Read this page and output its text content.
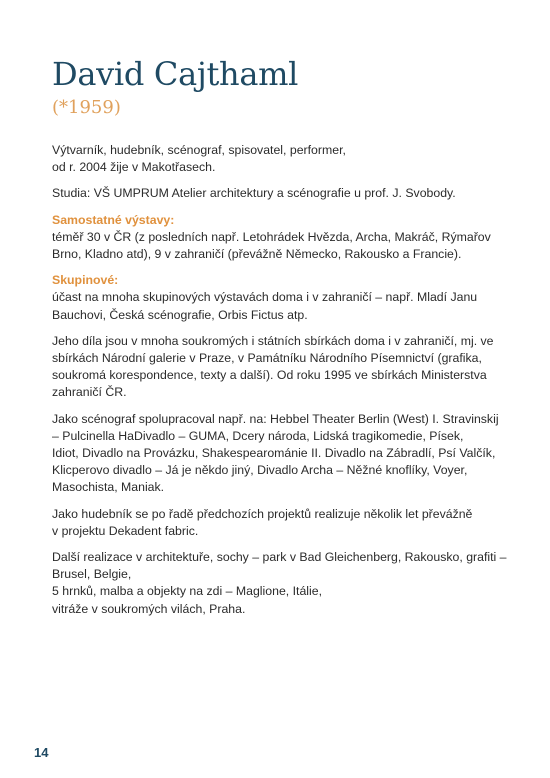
David Cajthaml
(*1959)

Výtvarník, hudebník, scénograf, spisovatel, performer,
od r. 2004 žije v Makotřasech.

Studia: VŠ UMPRUM Atelier architektury a scénografie u prof. J. Svobody.

Samostatné výstavy:
téměř 30 v ČR (z posledních např. Letohrádek Hvězda, Archa, Makráč, Rýmařov
Brno, Kladno atd), 9 v zahraničí (převážně Německo, Rakousko a Francie).

Skupinové:
účast na mnoha skupinových výstavách doma i v zahraničí – např. Mladí Janu
Bauchovi, Česká scénografie, Orbis Fictus atp.

Jeho díla jsou v mnoha soukromých i státních sbírkách doma i v zahraničí, mj. ve
sbírkách Národní galerie v Praze, v Památníku Národního Písemnictví (grafika,
soukromá korespondence, texty a další). Od roku 1995 ve sbírkách Ministerstva
zahraničí ČR.

Jako scénograf spolupracoval např. na: Hebbel Theater Berlin (West) I. Stravinskij
– Pulcinella HaDivadlo – GUMA, Dcery národa, Lidská tragikomedie, Písek,
Idiot, Divadlo na Provázku, Shakespearománie II. Divadlo na Zábradlí, Psí Valčík,
Klicperovo divadlo – Já je někdo jiný, Divadlo Archa – Něžné knoflíky, Voyer,
Masochista, Maniak.

Jako hudebník se po řadě předchozích projektů realizuje několik let převážně
v projektu Dekadent fabric.

Další realizace v architektuře, sochy – park v Bad Gleichenberg, Rakousko, grafiti –
Brusel, Belgie,
5 hrnků, malba a objekty na zdi – Maglione, Itálie,
vitráže v soukromých vilách, Praha.

14
